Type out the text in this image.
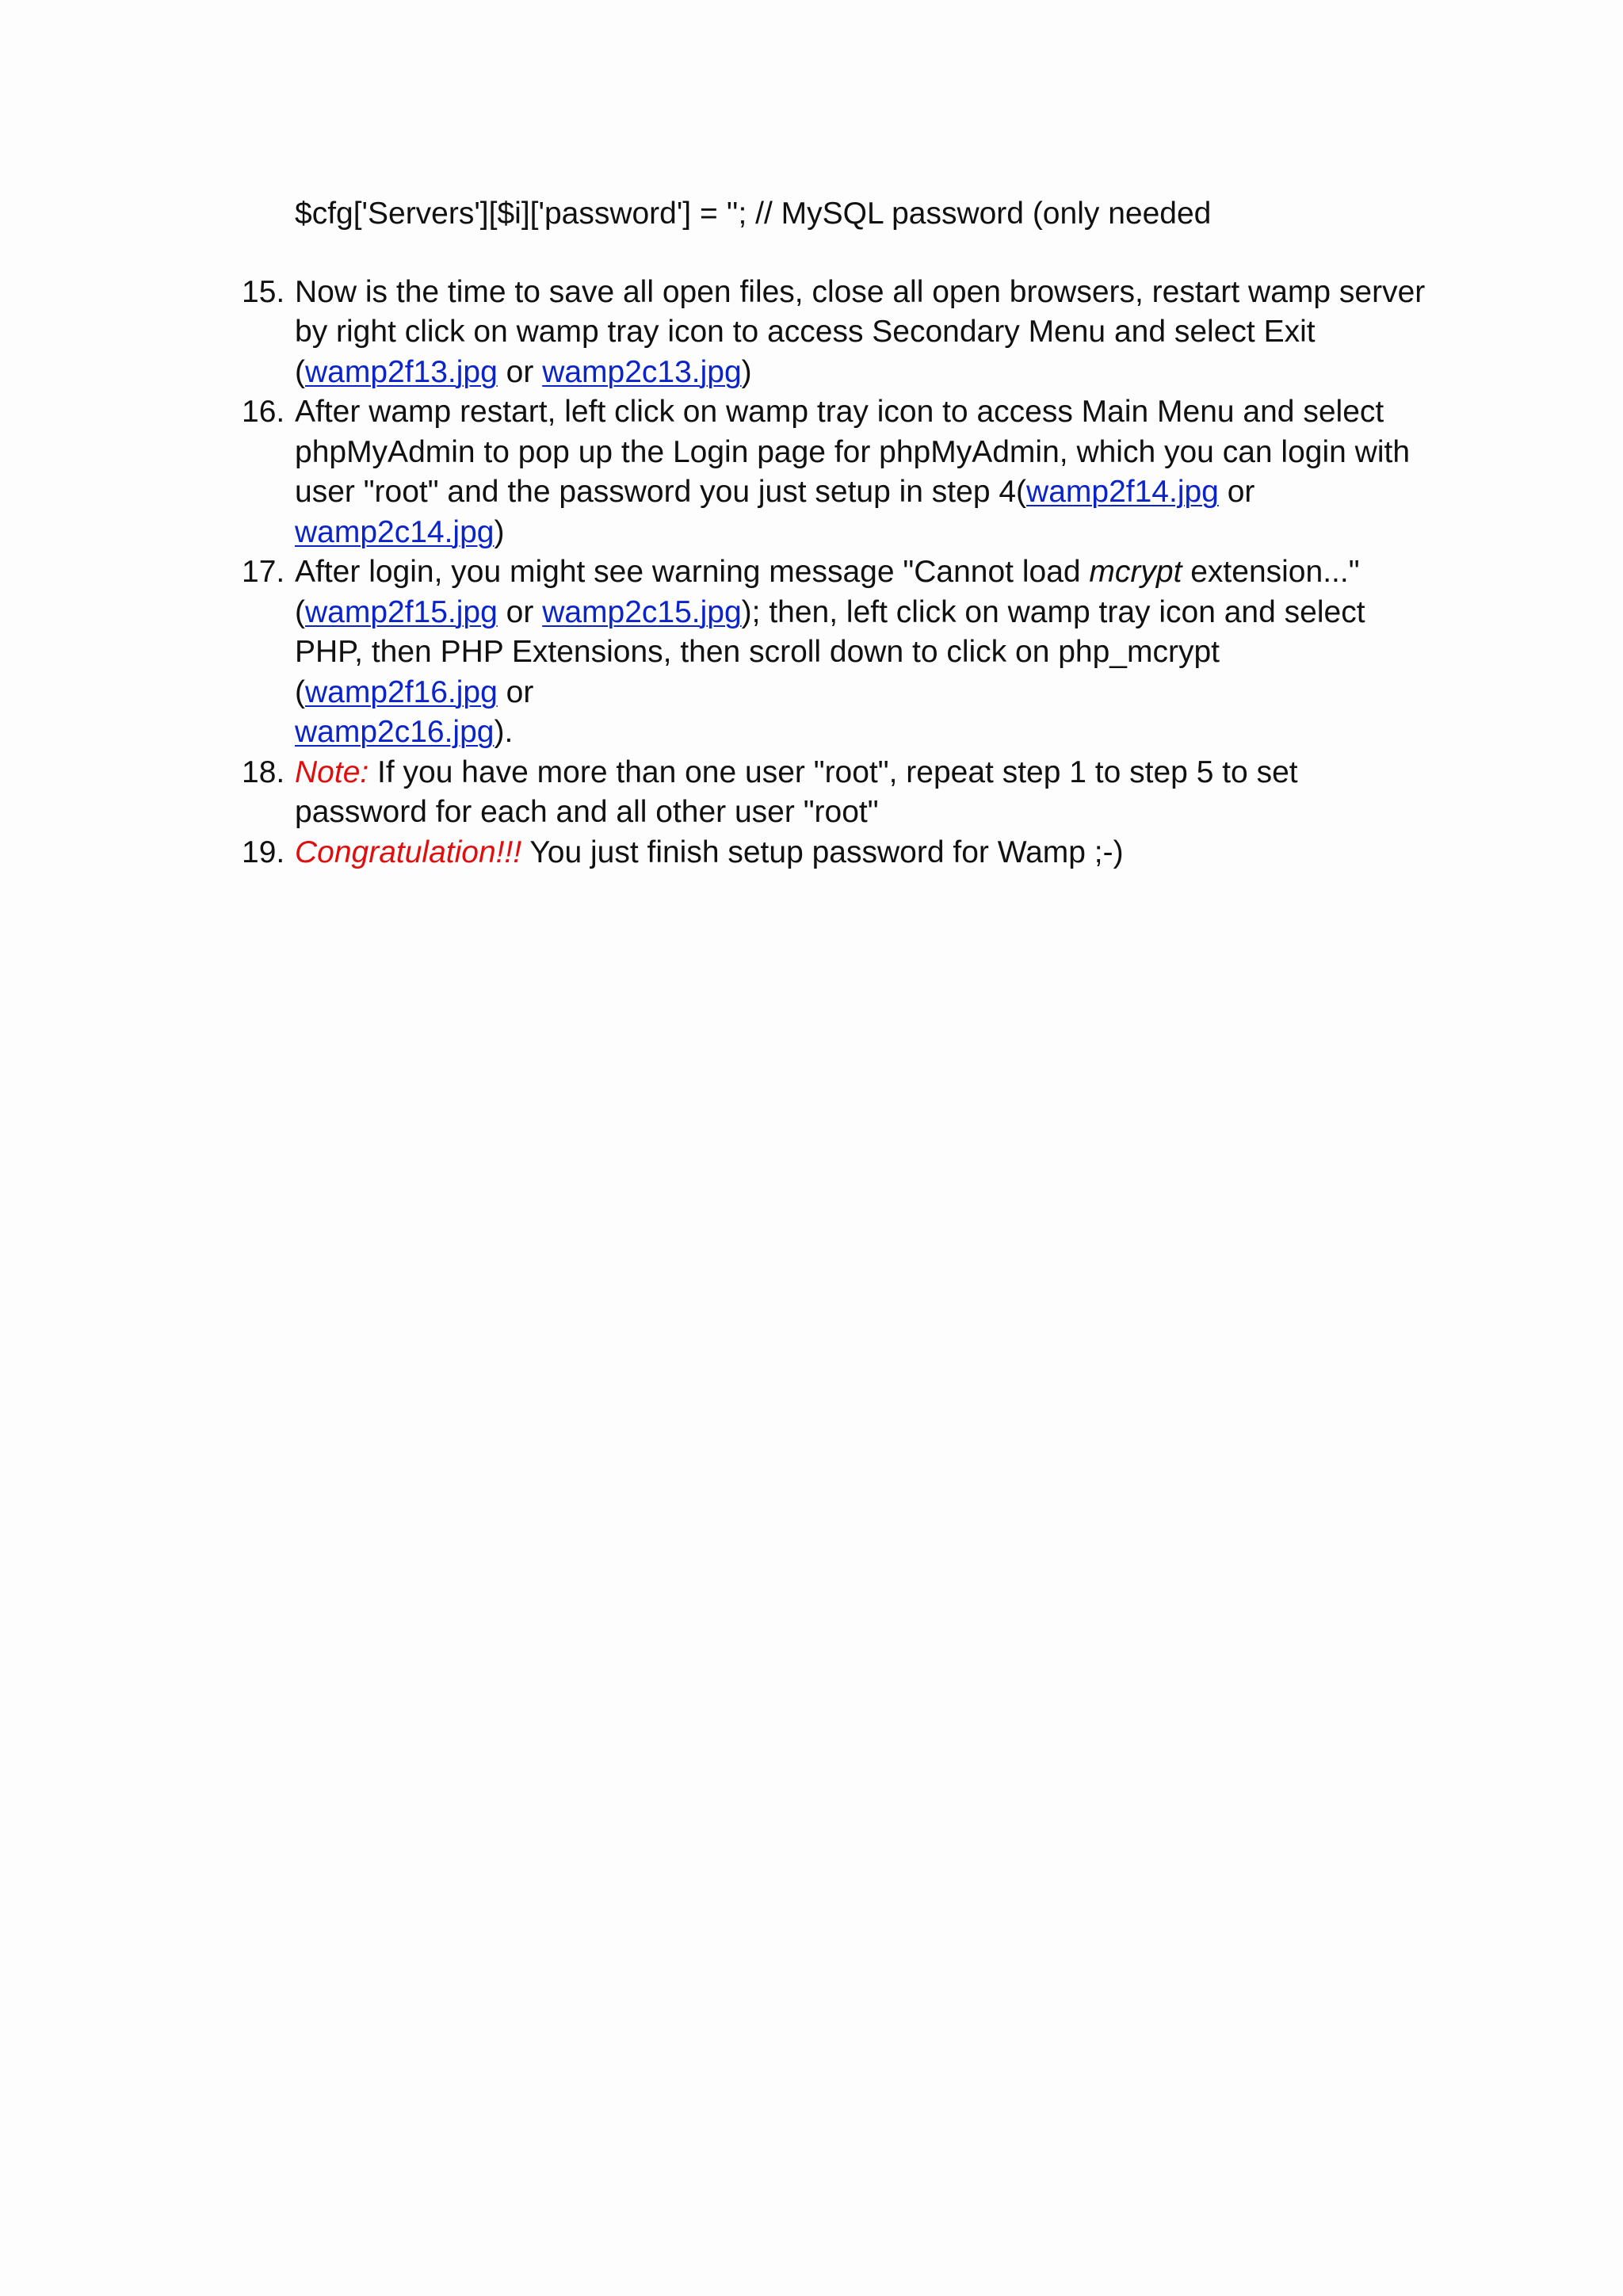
$cfg['Servers'][$i]['password'] = ''; // MySQL password (only needed
15. Now is the time to save all open files, close all open browsers, restart wamp server by right click on wamp tray icon to access Secondary Menu and select Exit (wamp2f13.jpg or wamp2c13.jpg)
16. After wamp restart, left click on wamp tray icon to access Main Menu and select phpMyAdmin to pop up the Login page for phpMyAdmin, which you can login with user "root" and the password you just setup in step 4(wamp2f14.jpg or
wamp2c14.jpg)
17. After login, you might see warning message "Cannot load mcrypt extension..." (wamp2f15.jpg or wamp2c15.jpg); then, left click on wamp tray icon and select PHP, then PHP Extensions, then scroll down to click on php_mcrypt (wamp2f16.jpg or
wamp2c16.jpg).
18. Note: If you have more than one user "root", repeat step 1 to step 5 to set password for each and all other user "root"
19. Congratulation!!! You just finish setup password for Wamp ;-)
